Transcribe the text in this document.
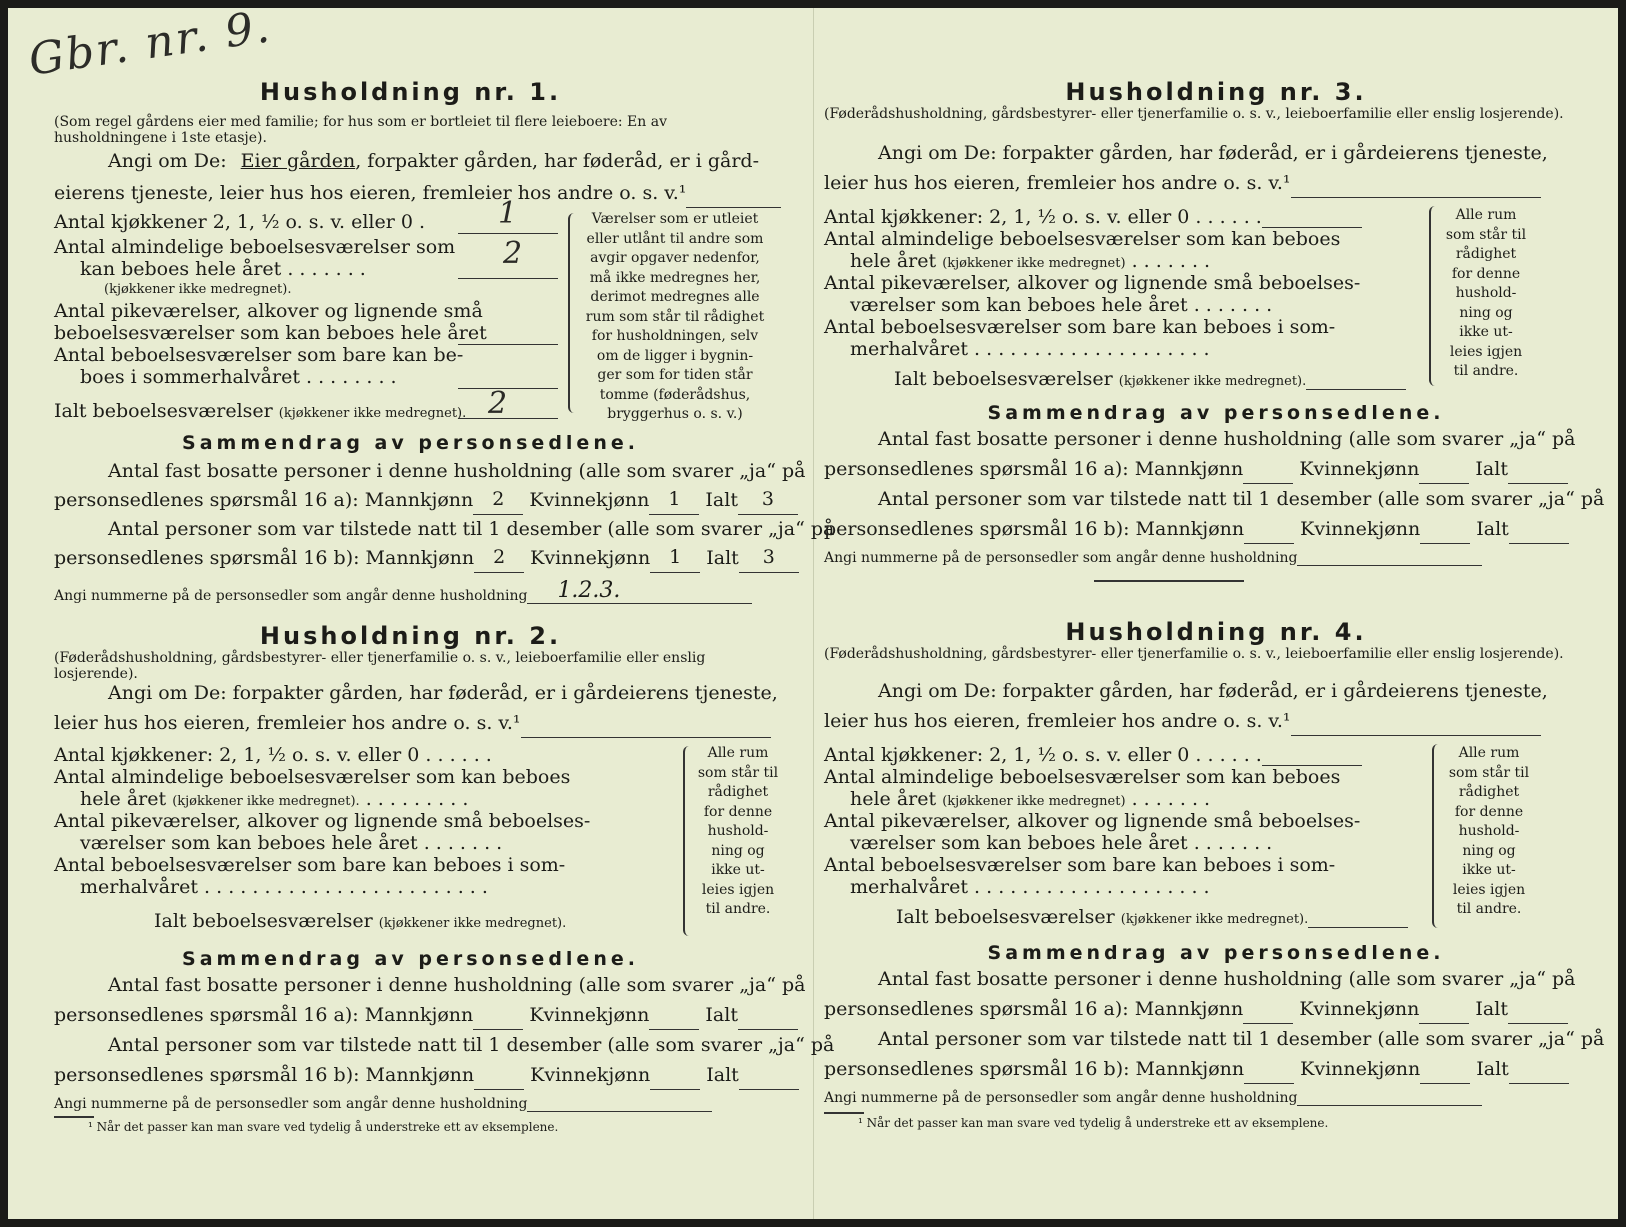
Gbr. nr. 9.
Husholdning nr. 1.
(Som regel gårdens eier med familie; for hus som er bortleiet til flere leieboere: En av husholdningene i 1ste etasje).
Angi om De: Eier gården, forpakter gården, har føderåd, er i gård-
eierens tjeneste, leier hus hos eieren, fremleier hos andre o. s. v.¹
Antal kjøkkener 2, 1, ½ o. s. v. eller 0 . 1
Antal almindelige beboelsesværelser som
kan beboes hele året . . . . . . .	2
(kjøkkener ikke medregnet).
Antal pikeværelser, alkover og lignende små
beboelsesværelser som kan beboes hele året
Antal beboelsesværelser som bare kan be-
boes i sommerhalvåret . . . . . . . .
Ialt beboelsesværelser (kjøkkener ikke medregnet). 2
Værelser som er utleiet
eller utlånt til andre som
avgir opgaver nedenfor,
må ikke medregnes her,
derimot medregnes alle
rum som står til rådighet
for husholdningen, selv
om de ligger i bygnin-
ger som for tiden står
tomme (føderådshus,
bryggerhus o. s. v.)
Sammendrag av personsedlene.
Antal fast bosatte personer i denne husholdning (alle som svarer „ja“ på
personsedlenes spørsmål 16 a): Mannkjønn 2 Kvinnekjønn 1 Ialt 3
Antal personer som var tilstede natt til 1 desember (alle som svarer „ja“ på
personsedlenes spørsmål 16 b): Mannkjønn 2 Kvinnekjønn 1 Ialt 3
Angi nummerne på de personsedler som angår denne husholdning 1.2.3.
Husholdning nr. 2.
(Føderådshusholdning, gårdsbestyrer- eller tjenerfamilie o. s. v., leieboerfamilie eller enslig losjerende).
Angi om De: forpakter gården, har føderåd, er i gårdeierens tjeneste,
leier hus hos eieren, fremleier hos andre o. s. v.¹
Antal kjøkkener: 2, 1, ½ o. s. v. eller 0 . . . . . .
Antal almindelige beboelsesværelser som kan beboes
hele året (kjøkkener ikke medregnet). . . . . . . . . .
Antal pikeværelser, alkover og lignende små beboelses-
værelser som kan beboes hele året . . . . . . .
Antal beboelsesværelser som bare kan beboes i som-
merhalvåret . . . . . . . . . . . . . . . . . . . . . . . .
Ialt beboelsesværelser (kjøkkener ikke medregnet).
Alle rum
som står til
rådighet
for denne
hushold-
ning og
ikke ut-
leies igjen
til andre.
Sammendrag av personsedlene.
Antal fast bosatte personer i denne husholdning (alle som svarer „ja“ på
personsedlenes spørsmål 16 a): Mannkjønn	Kvinnekjønn	Ialt
Antal personer som var tilstede natt til 1 desember (alle som svarer „ja“ på
personsedlenes spørsmål 16 b): Mannkjønn	Kvinnekjønn	Ialt
Angi nummerne på de personsedler som angår denne husholdning
¹ Når det passer kan man svare ved tydelig å understreke ett av eksemplene.
Husholdning nr. 3.
(Føderådshusholdning, gårdsbestyrer- eller tjenerfamilie o. s. v., leieboerfamilie eller enslig losjerende).
Angi om De: forpakter gården, har føderåd, er i gårdeierens tjeneste,
leier hus hos eieren, fremleier hos andre o. s. v.¹
Antal kjøkkener: 2, 1, ½ o. s. v. eller 0 . . . . . .
Antal almindelige beboelsesværelser som kan beboes
hele året (kjøkkener ikke medregnet) . . . . . . .
Antal pikeværelser, alkover og lignende små beboelses-
værelser som kan beboes hele året . . . . . . .
Antal beboelsesværelser som bare kan beboes i som-
merhalvåret . . . . . . . . . . . . . . . . . . . .
Ialt beboelsesværelser (kjøkkener ikke medregnet).
Alle rum
som står til
rådighet
for denne
hushold-
ning og
ikke ut-
leies igjen
til andre.
Sammendrag av personsedlene.
Antal fast bosatte personer i denne husholdning (alle som svarer „ja“ på
personsedlenes spørsmål 16 a): Mannkjønn	Kvinnekjønn	Ialt
Antal personer som var tilstede natt til 1 desember (alle som svarer „ja“ på
personsedlenes spørsmål 16 b): Mannkjønn	Kvinnekjønn	Ialt
Angi nummerne på de personsedler som angår denne husholdning
Husholdning nr. 4.
(Føderådshusholdning, gårdsbestyrer- eller tjenerfamilie o. s. v., leieboerfamilie eller enslig losjerende).
Angi om De: forpakter gården, har føderåd, er i gårdeierens tjeneste,
leier hus hos eieren, fremleier hos andre o. s. v.¹
Antal kjøkkener: 2, 1, ½ o. s. v. eller 0 . . . . . .
Antal almindelige beboelsesværelser som kan beboes
hele året (kjøkkener ikke medregnet) . . . . . . .
Antal pikeværelser, alkover og lignende små beboelses-
værelser som kan beboes hele året . . . . . . .
Antal beboelsesværelser som bare kan beboes i som-
merhalvåret . . . . . . . . . . . . . . . . . . . .
Ialt beboelsesværelser (kjøkkener ikke medregnet).
Alle rum
som står til
rådighet
for denne
hushold-
ning og
ikke ut-
leies igjen
til andre.
Sammendrag av personsedlene.
Antal fast bosatte personer i denne husholdning (alle som svarer „ja“ på
personsedlenes spørsmål 16 a): Mannkjønn	Kvinnekjønn	Ialt
Antal personer som var tilstede natt til 1 desember (alle som svarer „ja“ på
personsedlenes spørsmål 16 b): Mannkjønn	Kvinnekjønn	Ialt
Angi nummerne på de personsedler som angår denne husholdning
¹ Når det passer kan man svare ved tydelig å understreke ett av eksemplene.
